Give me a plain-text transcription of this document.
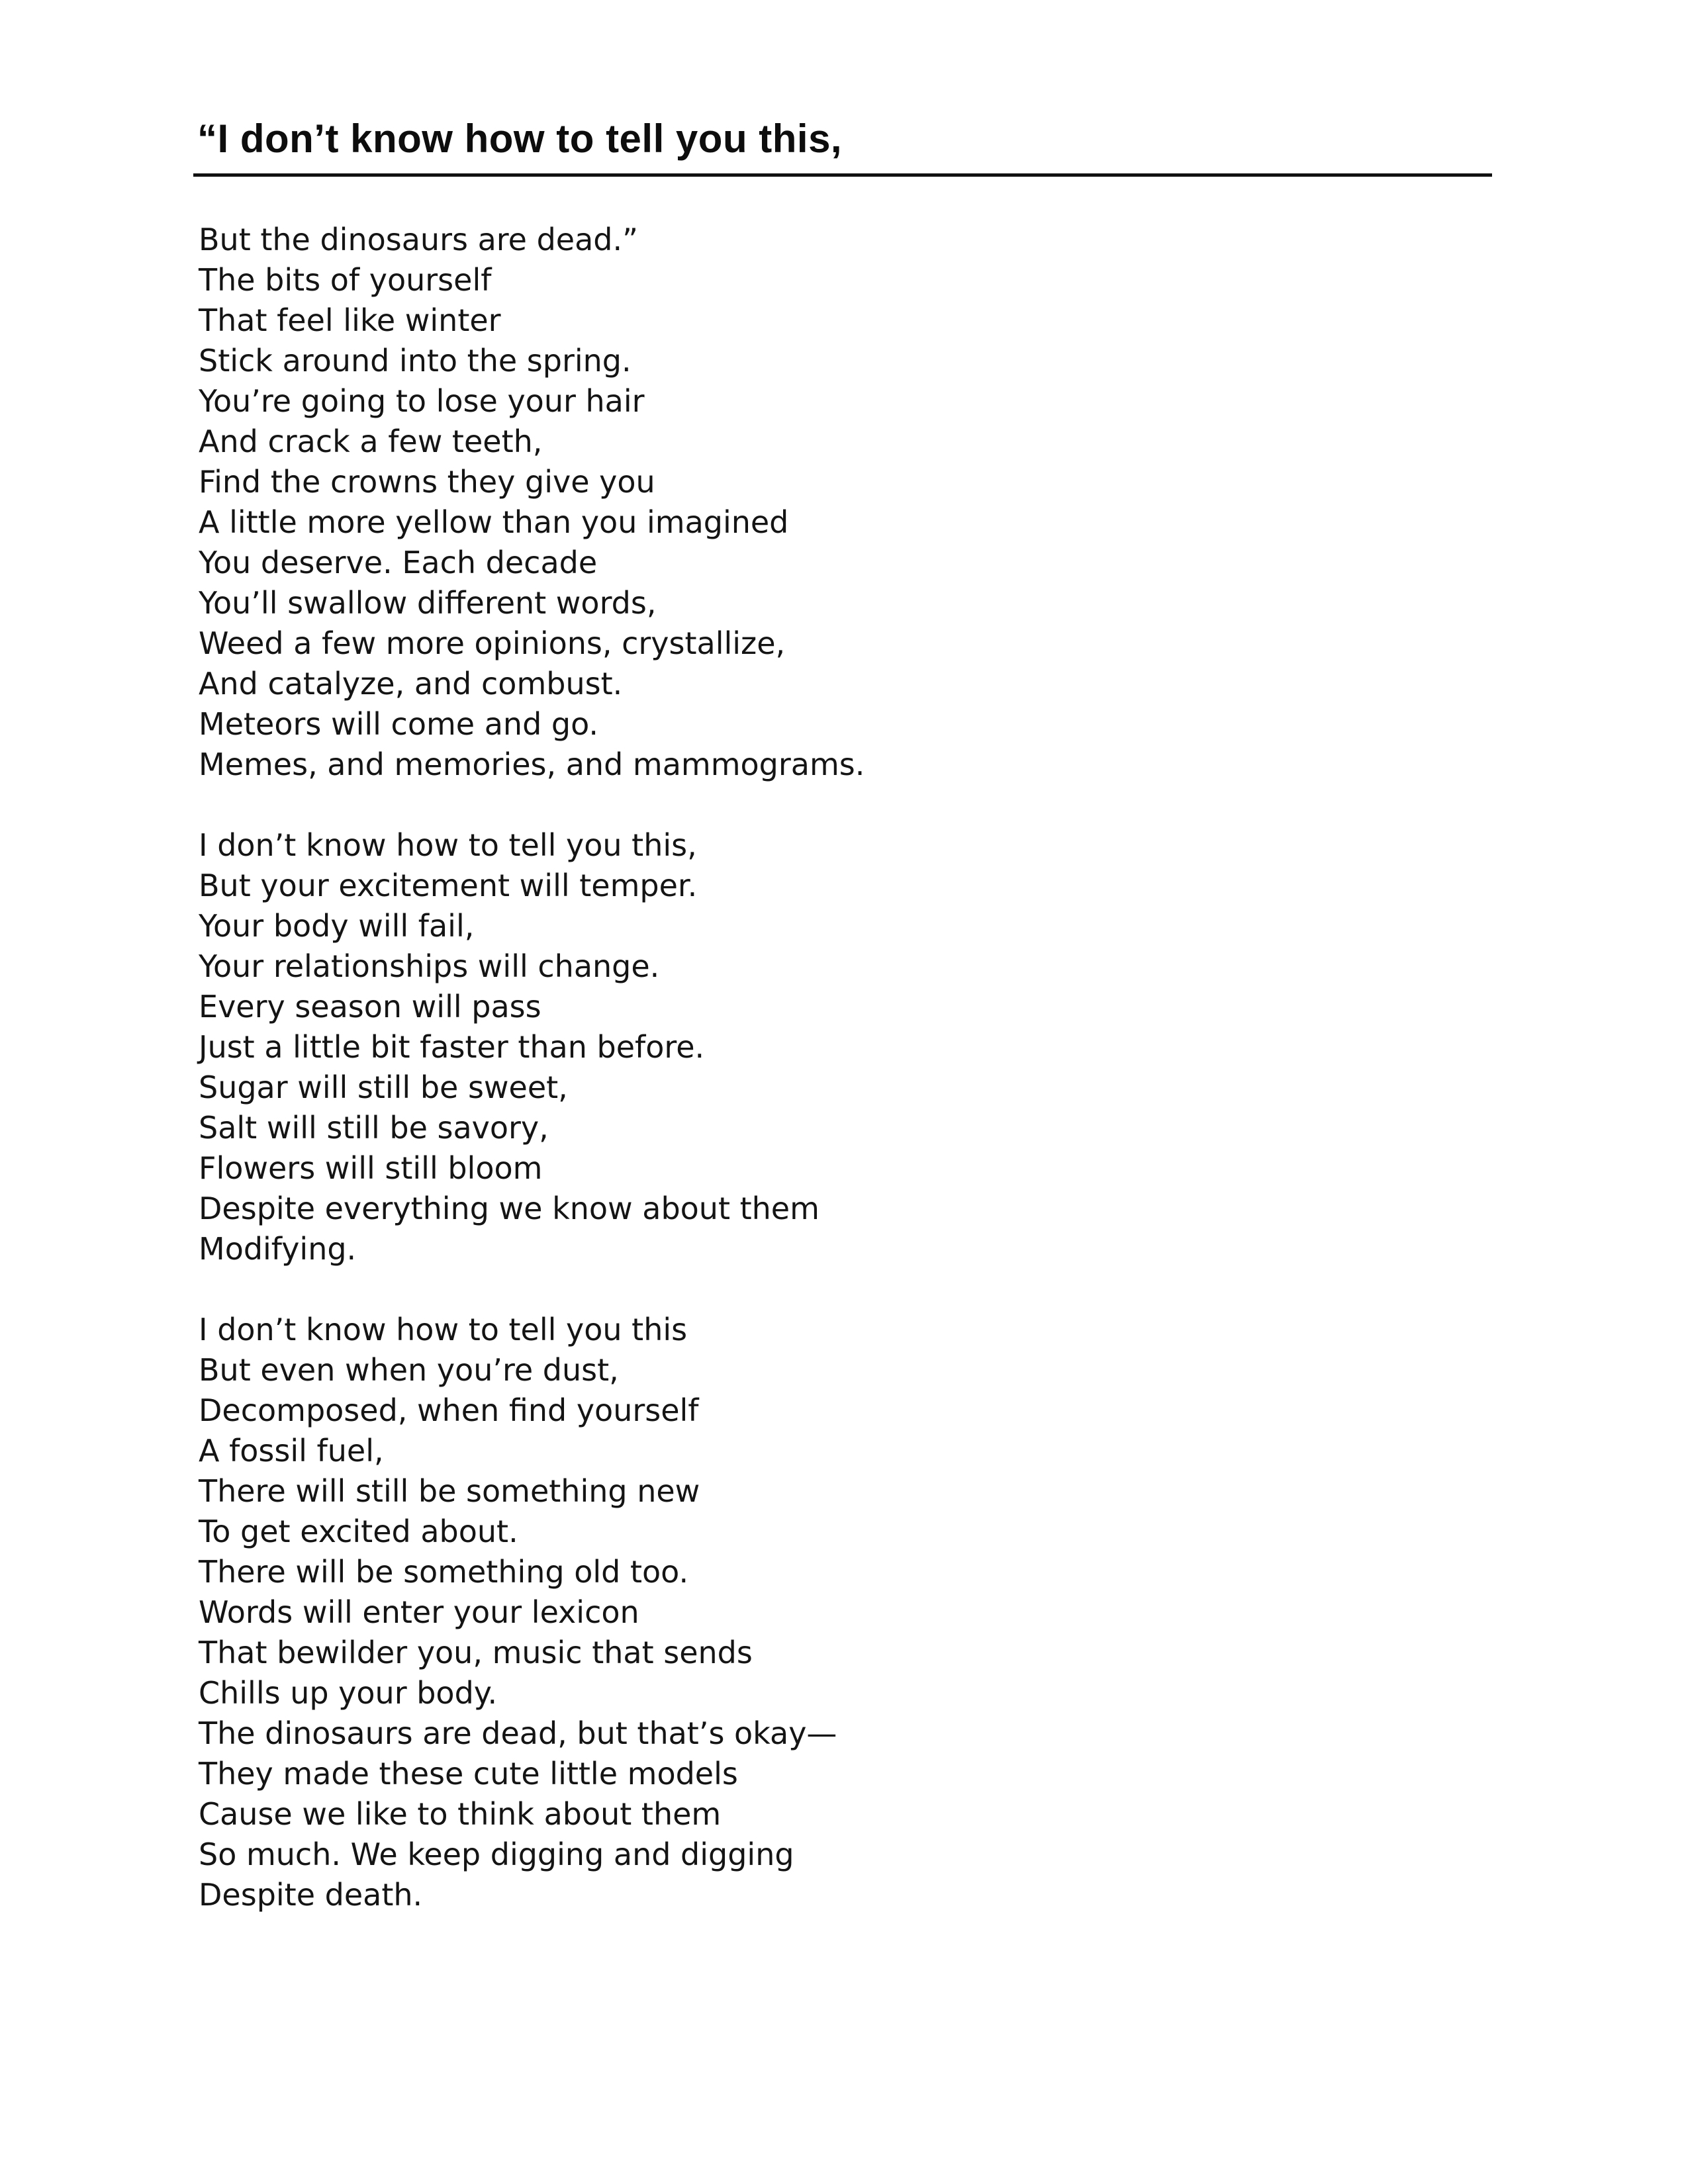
“I don’t know how to tell you this,
But the dinosaurs are dead.”
The bits of yourself
That feel like winter
Stick around into the spring.
You’re going to lose your hair
And crack a few teeth,
Find the crowns they give you
A little more yellow than you imagined
You deserve. Each decade
You’ll swallow different words,
Weed a few more opinions, crystallize,
And catalyze, and combust.
Meteors will come and go.
Memes, and memories, and mammograms.
I don’t know how to tell you this,
But your excitement will temper.
Your body will fail,
Your relationships will change.
Every season will pass
Just a little bit faster than before.
Sugar will still be sweet,
Salt will still be savory,
Flowers will still bloom
Despite everything we know about them
Modifying.
I don’t know how to tell you this
But even when you’re dust,
Decomposed, when find yourself
A fossil fuel,
There will still be something new
To get excited about.
There will be something old too.
Words will enter your lexicon
That bewilder you, music that sends
Chills up your body.
The dinosaurs are dead, but that’s okay—
They made these cute little models
Cause we like to think about them
So much. We keep digging and digging
Despite death.
